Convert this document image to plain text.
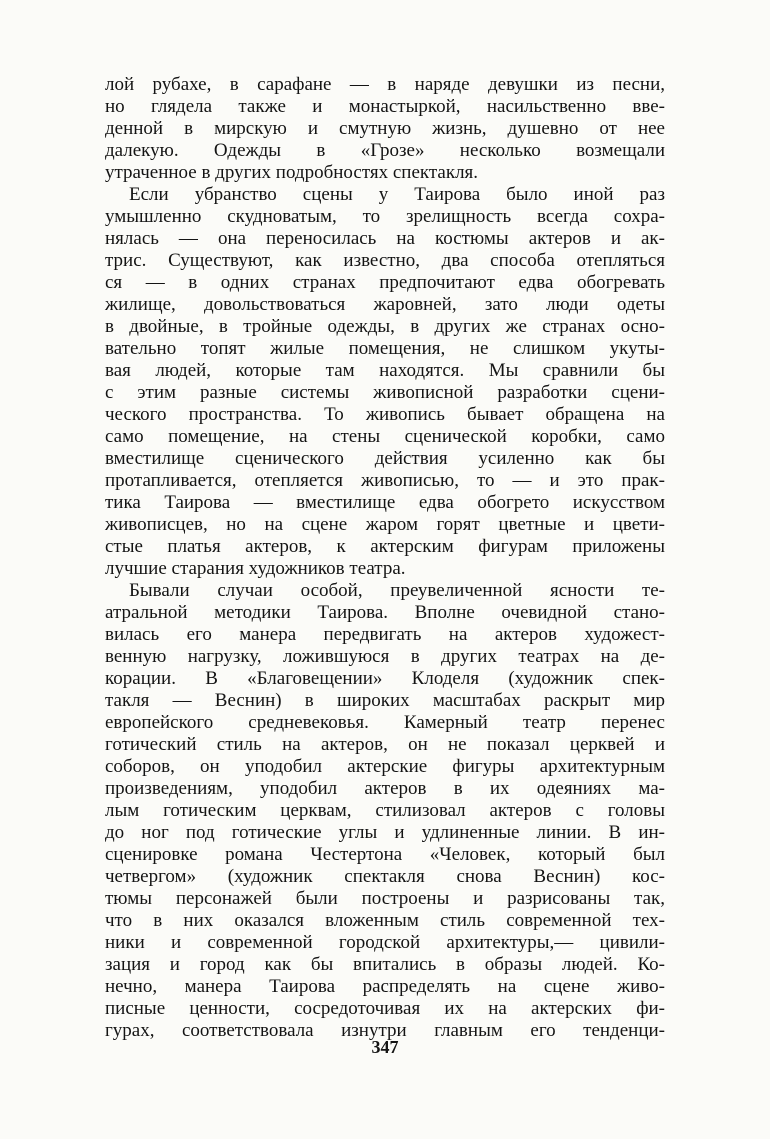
лой рубахе, в сарафане — в наряде девушки из песни,
но глядела также и монастыркой, насильственно вве-
денной в мирскую и смутную жизнь, душевно от нее
далекую. Одежды в «Грозе» несколько возмещали
утраченное в других подробностях спектакля.
Если убранство сцены у Таирова было иной раз
умышленно скудноватым, то зрелищность всегда сохра-
нялась — она переносилась на костюмы актеров и ак-
трис. Существуют, как известно, два способа отепляться
ся — в одних странах предпочитают едва обогревать
жилище, довольствоваться жаровней, зато люди одеты
в двойные, в тройные одежды, в других же странах осно-
вательно топят жилые помещения, не слишком укуты-
вая людей, которые там находятся. Мы сравнили бы
с этим разные системы живописной разработки сцени-
ческого пространства. То живопись бывает обращена на
само помещение, на стены сценической коробки, само
вместилище сценического действия усиленно как бы
протапливается, отепляется живописью, то — и это прак-
тика Таирова — вместилище едва обогрето искусством
живописцев, но на сцене жаром горят цветные и цвети-
стые платья актеров, к актерским фигурам приложены
лучшие старания художников театра.
Бывали случаи особой, преувеличенной ясности те-
атральной методики Таирова. Вполне очевидной стано-
вилась его манера передвигать на актеров художест-
венную нагрузку, ложившуюся в других театрах на де-
корации. В «Благовещении» Клоделя (художник спек-
такля — Веснин) в широких масштабах раскрыт мир
европейского средневековья. Камерный театр перенес
готический стиль на актеров, он не показал церквей и
соборов, он уподобил актерские фигуры архитектурным
произведениям, уподобил актеров в их одеяниях ма-
лым готическим церквам, стилизовал актеров с головы
до ног под готические углы и удлиненные линии. В ин-
сценировке романа Честертона «Человек, который был
четвергом» (художник спектакля снова Веснин) кос-
тюмы персонажей были построены и разрисованы так,
что в них оказался вложенным стиль современной тех-
ники и современной городской архитектуры,— цивили-
зация и город как бы впитались в образы людей. Ко-
нечно, манера Таирова распределять на сцене живо-
писные ценности, сосредоточивая их на актерских фи-
гурах, соответствовала изнутри главным его тенденци-
347
